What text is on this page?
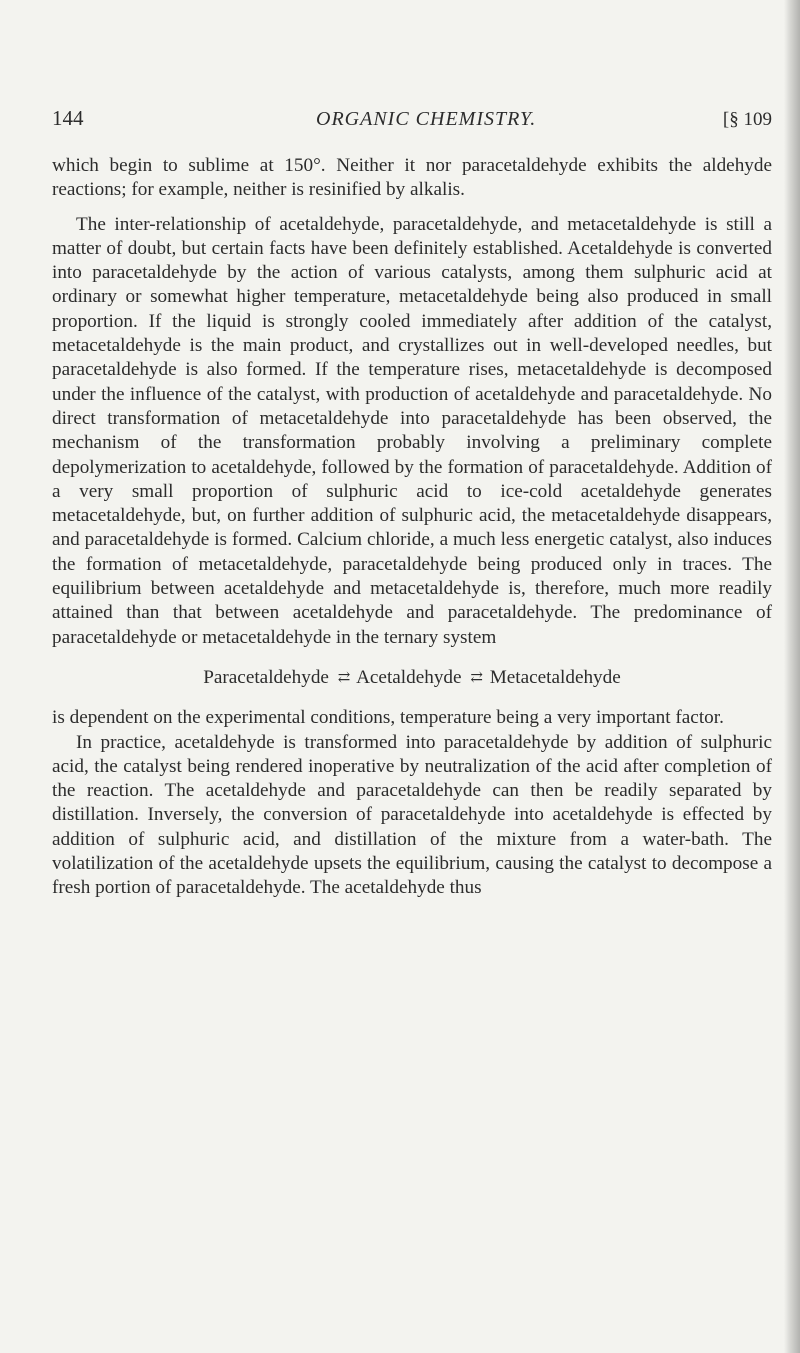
144	ORGANIC CHEMISTRY.	[§ 109

which begin to sublime at 150°. Neither it nor paracetaldehyde exhibits the aldehyde reactions; for example, neither is resinified by alkalis.

The inter-relationship of acetaldehyde, paracetaldehyde, and metacetaldehyde is still a matter of doubt, but certain facts have been definitely established. Acetaldehyde is converted into paracetaldehyde by the action of various catalysts, among them sulphuric acid at ordinary or somewhat higher temperature, metacetaldehyde being also produced in small proportion. If the liquid is strongly cooled immediately after addition of the catalyst, metacetaldehyde is the main product, and crystallizes out in well-developed needles, but paracetaldehyde is also formed. If the temperature rises, metacetaldehyde is decomposed under the influence of the catalyst, with production of acetaldehyde and paracetaldehyde. No direct transformation of metacetaldehyde into paracetaldehyde has been observed, the mechanism of the transformation probably involving a preliminary complete depolymerization to acetaldehyde, followed by the formation of paracetaldehyde. Addition of a very small proportion of sulphuric acid to ice-cold acetaldehyde generates metacetaldehyde, but, on further addition of sulphuric acid, the metacetaldehyde disappears, and paracetaldehyde is formed. Calcium chloride, a much less energetic catalyst, also induces the formation of metacetaldehyde, paracetaldehyde being produced only in traces. The equilibrium between acetaldehyde and metacetaldehyde is, therefore, much more readily attained than that between acetaldehyde and paracetaldehyde. The predominance of paracetaldehyde or metacetaldehyde in the ternary system

Paracetaldehyde ⇄ Acetaldehyde ⇄ Metacetaldehyde

is dependent on the experimental conditions, temperature being a very important factor.

In practice, acetaldehyde is transformed into paracetaldehyde by addition of sulphuric acid, the catalyst being rendered inoperative by neutralization of the acid after completion of the reaction. The acetaldehyde and paracetaldehyde can then be readily separated by distillation. Inversely, the conversion of paracetaldehyde into acetaldehyde is effected by addition of sulphuric acid, and distillation of the mixture from a water-bath. The volatilization of the acetaldehyde upsets the equilibrium, causing the catalyst to decompose a fresh portion of paracetaldehyde. The acetaldehyde thus
